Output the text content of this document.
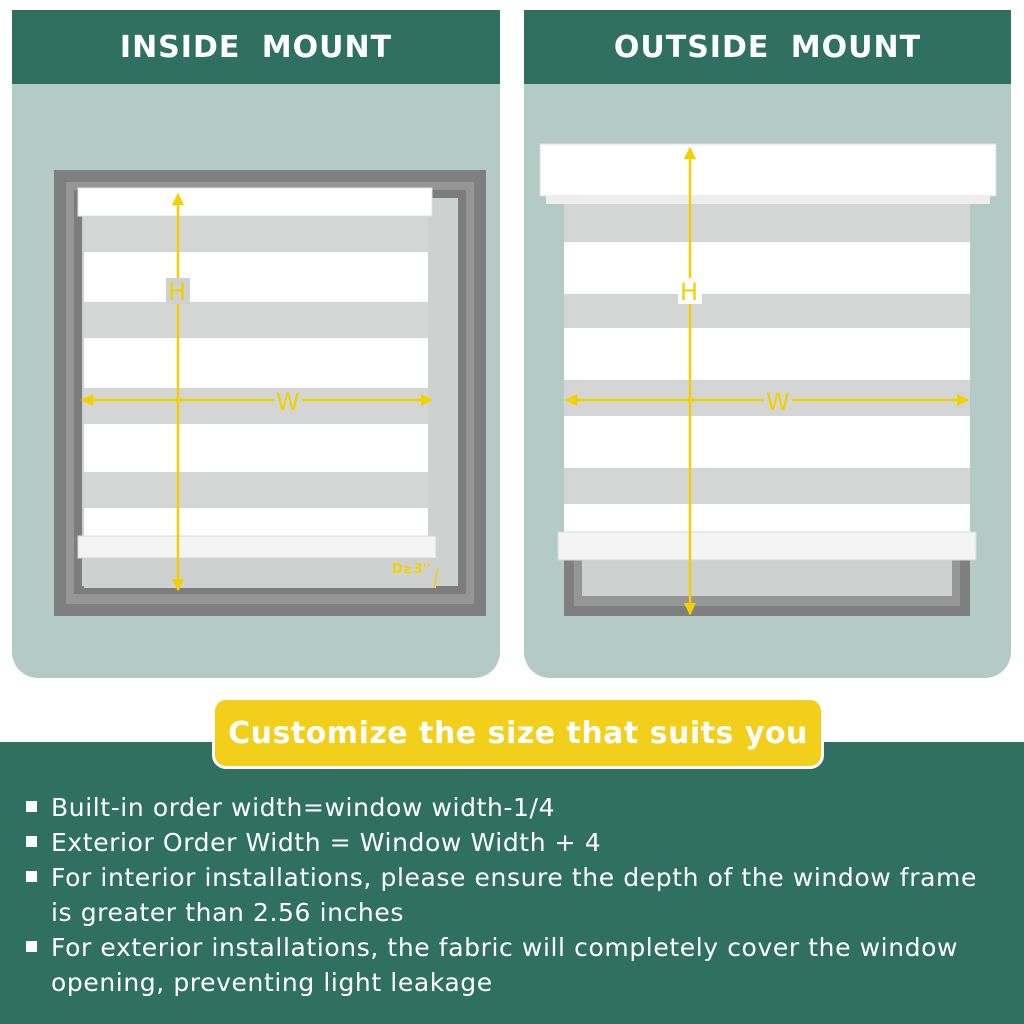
INSIDE MOUNT
H
W
D≥3''
OUTSIDE MOUNT
H
W
Customize the size that suits you
Built-in order width=window width-1/4
Exterior Order Width = Window Width + 4
For interior installations, please ensure the depth of the window frame is greater than 2.56 inches
For exterior installations, the fabric will completely cover the window opening, preventing light leakage
